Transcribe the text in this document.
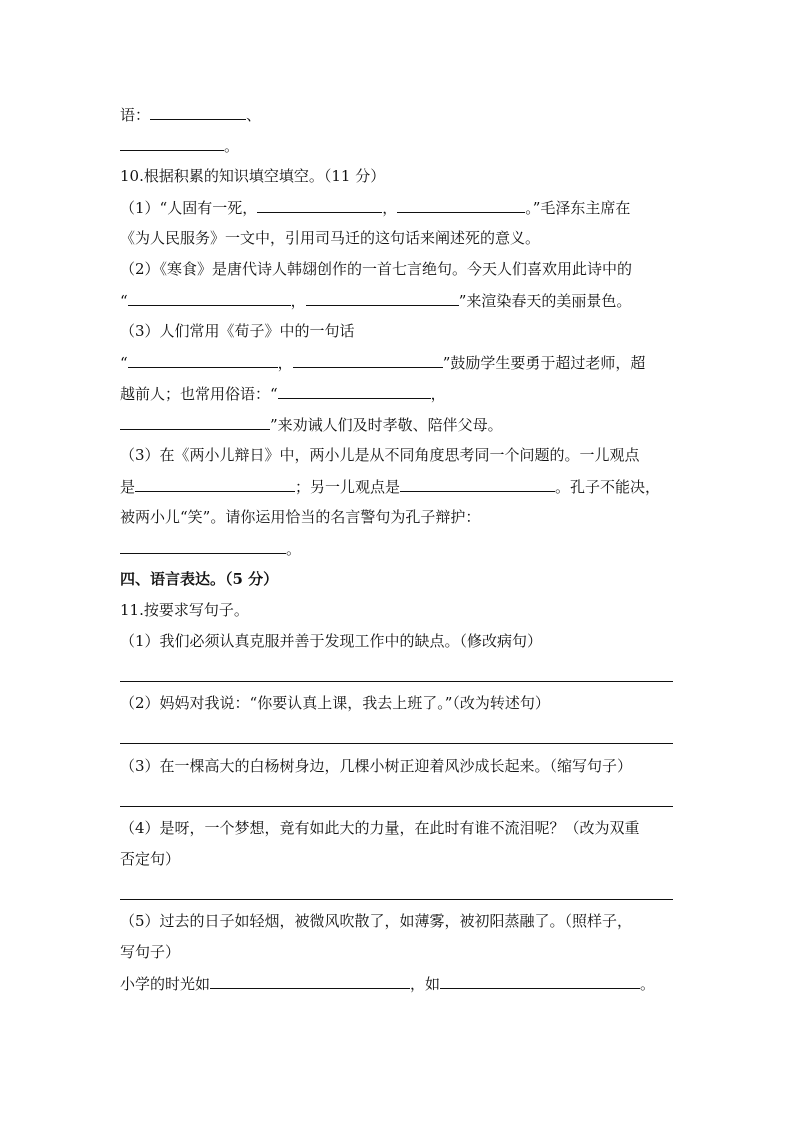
语：	、
。
10.根据积累的知识填空填空。（11 分）
（1）“人固有一死，	，	。”毛泽东主席在
《为人民服务》一文中，引用司马迁的这句话来阐述死的意义。
（2）《寒食》是唐代诗人韩翃创作的一首七言绝句。今天人们喜欢用此诗中的
“	，	”来渲染春天的美丽景色。
（3）人们常用《荀子》中的一句话
“	，	”鼓励学生要勇于超过老师，超
越前人；也常用俗语：“	，
”来劝诫人们及时孝敬、陪伴父母。
（3）在《两小儿辩日》中，两小儿是从不同角度思考同一个问题的。一儿观点
是	；另一儿观点是	。孔子不能决，
被两小儿“笑”。请你运用恰当的名言警句为孔子辩护：
。
四、语言表达。（5 分）
11.按要求写句子。
（1）我们必须认真克服并善于发现工作中的缺点。（修改病句）
（2）妈妈对我说：“你要认真上课，我去上班了。”（改为转述句）
（3）在一棵高大的白杨树身边，几棵小树正迎着风沙成长起来。（缩写句子）
（4）是呀，一个梦想，竟有如此大的力量，在此时有谁不流泪呢？（改为双重
否定句）
（5）过去的日子如轻烟，被微风吹散了，如薄雾，被初阳蒸融了。（照样子，
写句子）
小学的时光如	，如	。
